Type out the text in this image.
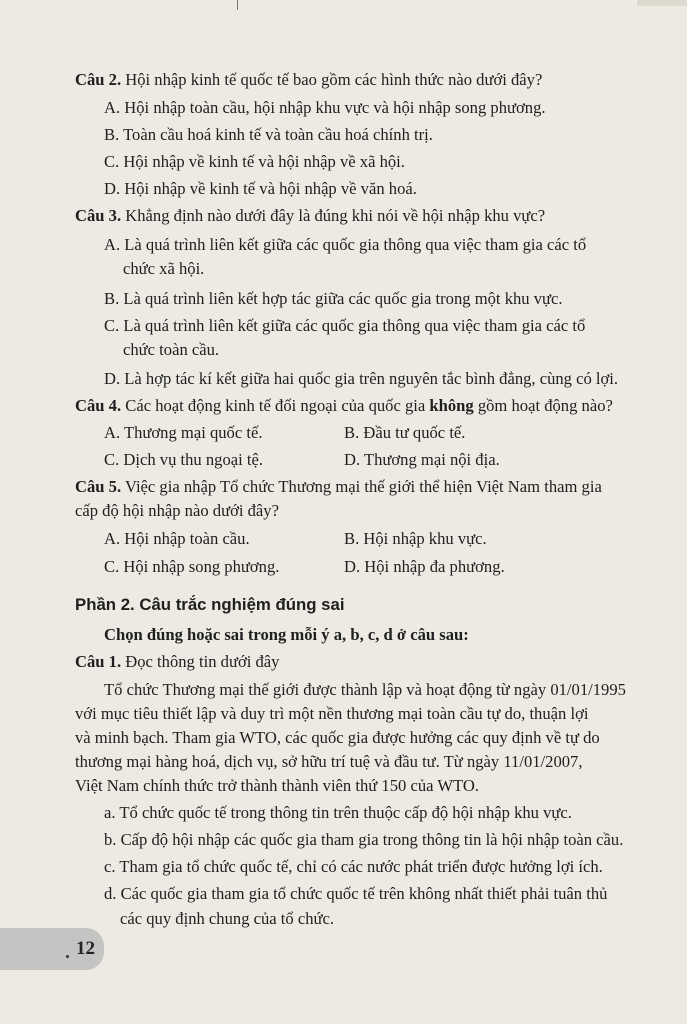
Câu 2. Hội nhập kinh tế quốc tế bao gồm các hình thức nào dưới đây?
A. Hội nhập toàn cầu, hội nhập khu vực và hội nhập song phương.
B. Toàn cầu hoá kinh tế và toàn cầu hoá chính trị.
C. Hội nhập về kinh tế và hội nhập về xã hội.
D. Hội nhập về kinh tế và hội nhập về văn hoá.
Câu 3. Khẳng định nào dưới đây là đúng khi nói về hội nhập khu vực?
A. Là quá trình liên kết giữa các quốc gia thông qua việc tham gia các tổ
chức xã hội.
B. Là quá trình liên kết hợp tác giữa các quốc gia trong một khu vực.
C. Là quá trình liên kết giữa các quốc gia thông qua việc tham gia các tổ
chức toàn cầu.
D. Là hợp tác kí kết giữa hai quốc gia trên nguyên tắc bình đẳng, cùng có lợi.
Câu 4. Các hoạt động kinh tế đối ngoại của quốc gia không gồm hoạt động nào?
A. Thương mại quốc tế.	B. Đầu tư quốc tế.
C. Dịch vụ thu ngoại tệ.	D. Thương mại nội địa.
Câu 5. Việc gia nhập Tổ chức Thương mại thế giới thể hiện Việt Nam tham gia
cấp độ hội nhập nào dưới đây?
A. Hội nhập toàn cầu.	B. Hội nhập khu vực.
C. Hội nhập song phương.	D. Hội nhập đa phương.
Phần 2. Câu trắc nghiệm đúng sai
Chọn đúng hoặc sai trong mỗi ý a, b, c, d ở câu sau:
Câu 1. Đọc thông tin dưới đây
Tổ chức Thương mại thế giới được thành lập và hoạt động từ ngày 01/01/1995
với mục tiêu thiết lập và duy trì một nền thương mại toàn cầu tự do, thuận lợi
và minh bạch. Tham gia WTO, các quốc gia được hưởng các quy định về tự do
thương mại hàng hoá, dịch vụ, sở hữu trí tuệ và đầu tư. Từ ngày 11/01/2007,
Việt Nam chính thức trở thành thành viên thứ 150 của WTO.
a. Tổ chức quốc tế trong thông tin trên thuộc cấp độ hội nhập khu vực.
b. Cấp độ hội nhập các quốc gia tham gia trong thông tin là hội nhập toàn cầu.
c. Tham gia tổ chức quốc tế, chỉ có các nước phát triển được hưởng lợi ích.
d. Các quốc gia tham gia tổ chức quốc tế trên không nhất thiết phải tuân thủ
các quy định chung của tổ chức.
12
